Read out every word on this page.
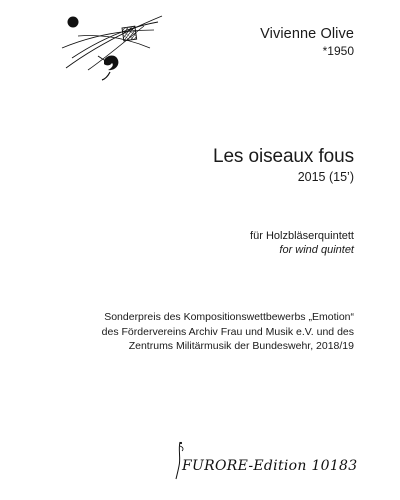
Vivienne Olive
*1950
Les oiseaux fous
2015 (15’)
für Holzbläserquintett
for wind quintet
Sonderpreis des Kompositionswettbewerbs „Emotion“
des Fördervereins Archiv Frau und Musik e.V. und des
Zentrums Militärmusik der Bundeswehr, 2018/19
FURORE-Edition 10183
